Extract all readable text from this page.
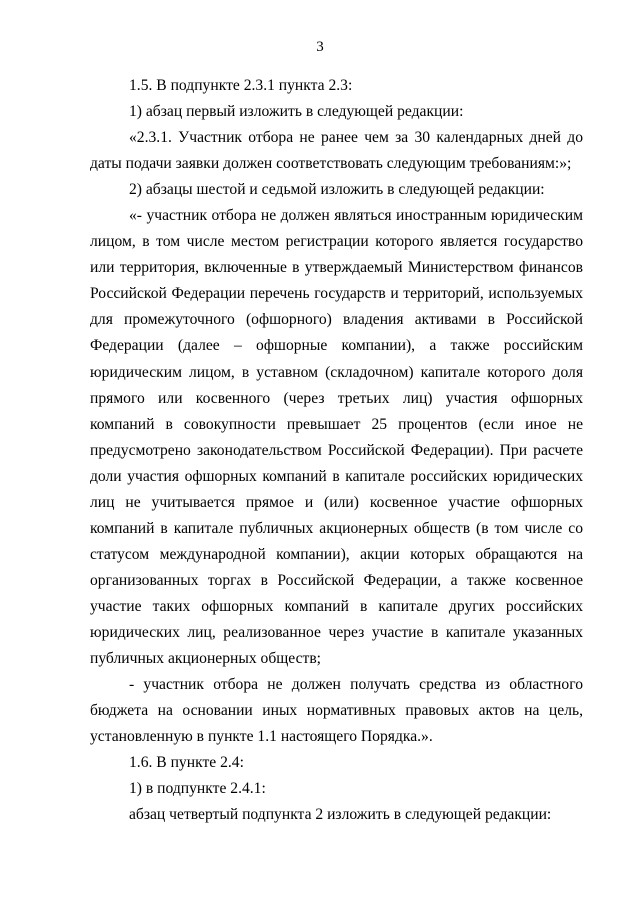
3

1.5. В подпункте 2.3.1 пункта 2.3:

1) абзац первый изложить в следующей редакции:

«2.3.1. Участник отбора не ранее чем за 30 календарных дней до даты подачи заявки должен соответствовать следующим требованиям:»;

2) абзацы шестой и седьмой изложить в следующей редакции:

«- участник отбора не должен являться иностранным юридическим лицом, в том числе местом регистрации которого является государство или территория, включенные в утверждаемый Министерством финансов Российской Федерации перечень государств и территорий, используемых для промежуточного (офшорного) владения активами в Российской Федерации (далее – офшорные компании), а также российским юридическим лицом, в уставном (складочном) капитале которого доля прямого или косвенного (через третьих лиц) участия офшорных компаний в совокупности превышает 25 процентов (если иное не предусмотрено законодательством Российской Федерации). При расчете доли участия офшорных компаний в капитале российских юридических лиц не учитывается прямое и (или) косвенное участие офшорных компаний в капитале публичных акционерных обществ (в том числе со статусом международной компании), акции которых обращаются на организованных торгах в Российской Федерации, а также косвенное участие таких офшорных компаний в капитале других российских юридических лиц, реализованное через участие в капитале указанных публичных акционерных обществ;

- участник отбора не должен получать средства из областного бюджета на основании иных нормативных правовых актов на цель, установленную в пункте 1.1 настоящего Порядка.».

1.6. В пункте 2.4:

1) в подпункте 2.4.1:

абзац четвертый подпункта 2 изложить в следующей редакции:
